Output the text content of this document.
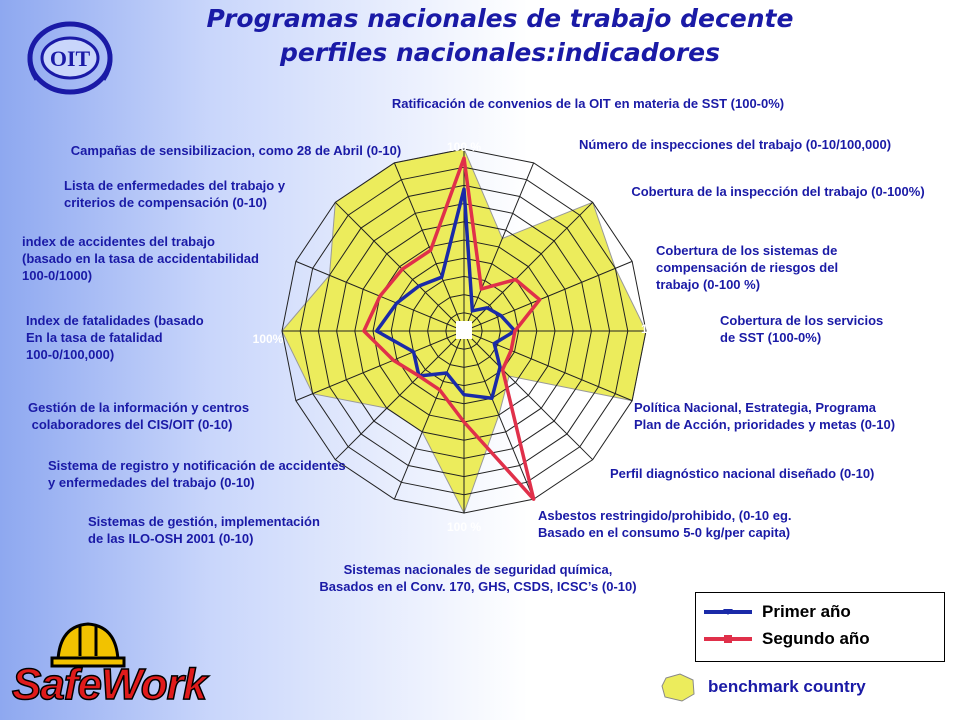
Programas nacionales de trabajo decente
perfiles nacionales:indicadores
OIT
100 %
100 %
100 %
100%
0
Ratificación de convenios de la OIT en materia de SST (100-0%)
Número de inspecciones del trabajo (0-10/100,000)
Cobertura de la inspección del trabajo (0-100%)
Cobertura de los sistemas de compensación de riesgos del trabajo (0-100 %)
Cobertura de los servicios de SST (100-0%)
Política Nacional, Estrategia, Programa Plan de Acción, prioridades y metas (0-10)
Perfil diagnóstico nacional diseñado (0-10)
Asbestos restringido/prohibido, (0-10 eg. Basado en el consumo 5-0 kg/per capita)
Sistemas nacionales de seguridad química, Basados en el Conv. 170, GHS, CSDS, ICSC’s (0-10)
Sistemas de gestión, implementación de las ILO-OSH 2001 (0-10)
Sistema de registro y notificación de accidentes y enfermedades del trabajo (0-10)
Gestión de la información y centros colaboradores del CIS/OIT (0-10)
Index de fatalidades (basado En la tasa de fatalidad 100-0/100,000)
index de accidentes del trabajo (basado en la tasa de accidentabilidad 100-0/1000)
Lista de enfermedades del trabajo y criterios de compensación (0-10)
Campañas de sensibilizacion, como 28 de Abril (0-10)
SafeWork
Primer año
Segundo año
benchmark country
